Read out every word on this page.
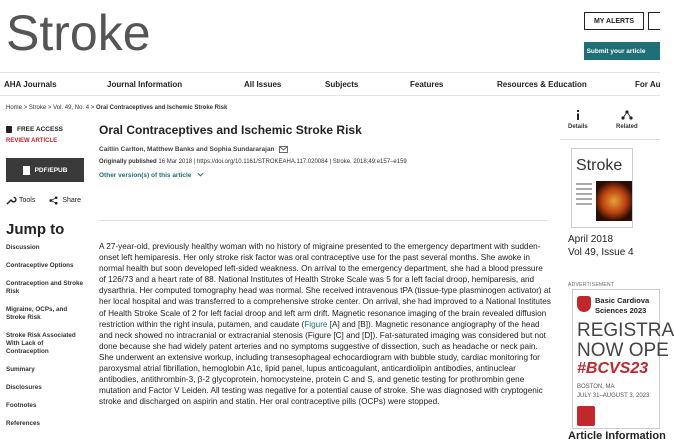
Stroke	MY ALERTS
Submit your article
AHA Journals	Journal Information	All Issues	Subjects	Features	Resources & Education	For Au
Home > Stroke > Vol. 49, No. 4 > Oral Contraceptives and Ischemic Stroke Risk
FREE ACCESS
REVIEW ARTICLE
PDF/EPUB
Tools	Share
Jump to
Discussion
Contraceptive Options
Contraception and Stroke Risk
Migraine, OCPs, and Stroke Risk
Stroke Risk Associated With Lack of Contraception
Summary
Disclosures
Footnotes
References
Oral Contraceptives and Ischemic Stroke Risk
Caitlin Carlton, Matthew Banks and Sophia Sundararajan
Originally published 16 Mar 2018 | https://doi.org/10.1161/STROKEAHA.117.020084 | Stroke. 2018;49:e157–e159
Other version(s) of this article
A 27-year-old, previously healthy woman with no history of migraine presented to the emergency department with sudden-onset left hemiparesis. Her only stroke risk factor was oral contraceptive use for the past several months. She awoke in normal health but soon developed left-sided weakness. On arrival to the emergency department, she had a blood pressure of 126/73 and a heart rate of 88. National Institutes of Health Stroke Scale was 5 for a left facial droop, hemiparesis, and dysarthria. Her computed tomography head was normal. She received intravenous tPA (tissue-type plasminogen activator) at her local hospital and was transferred to a comprehensive stroke center. On arrival, she had improved to a National Institutes of Health Stroke Scale of 2 for left facial droop and left arm drift. Magnetic resonance imaging of the brain revealed diffusion restriction within the right insula, putamen, and caudate (Figure [A] and [B]). Magnetic resonance angiography of the head and neck showed no intracranial or extracranial stenosis (Figure [C] and [D]). Fat-saturated imaging was considered but not done because she had widely patent arteries and no symptoms suggestive of dissection, such as headache or neck pain. She underwent an extensive workup, including transesophageal echocardiogram with bubble study, cardiac monitoring for paroxysmal atrial fibrillation, hemoglobin A1c, lipid panel, lupus anticoagulant, anticardiolipin antibodies, antinuclear antibodies, antithrombin-3, β-2 glycoprotein, homocysteine, protein C and S, and genetic testing for prothrombin gene mutation and Factor V Leiden. All testing was negative for a potential cause of stroke. She was diagnosed with cryptogenic stroke and discharged on aspirin and statin. Her oral contraceptive pills (OCPs) were stopped.
Details	Related
Stroke
April 2018
Vol 49, Issue 4
ADVERTISEMENT
Basic Cardiova
Sciences 2023
REGISTRA
NOW OPE
#BCVS23
BOSTON, MA
JULY 31–AUGUST 3, 2023
Article Information
